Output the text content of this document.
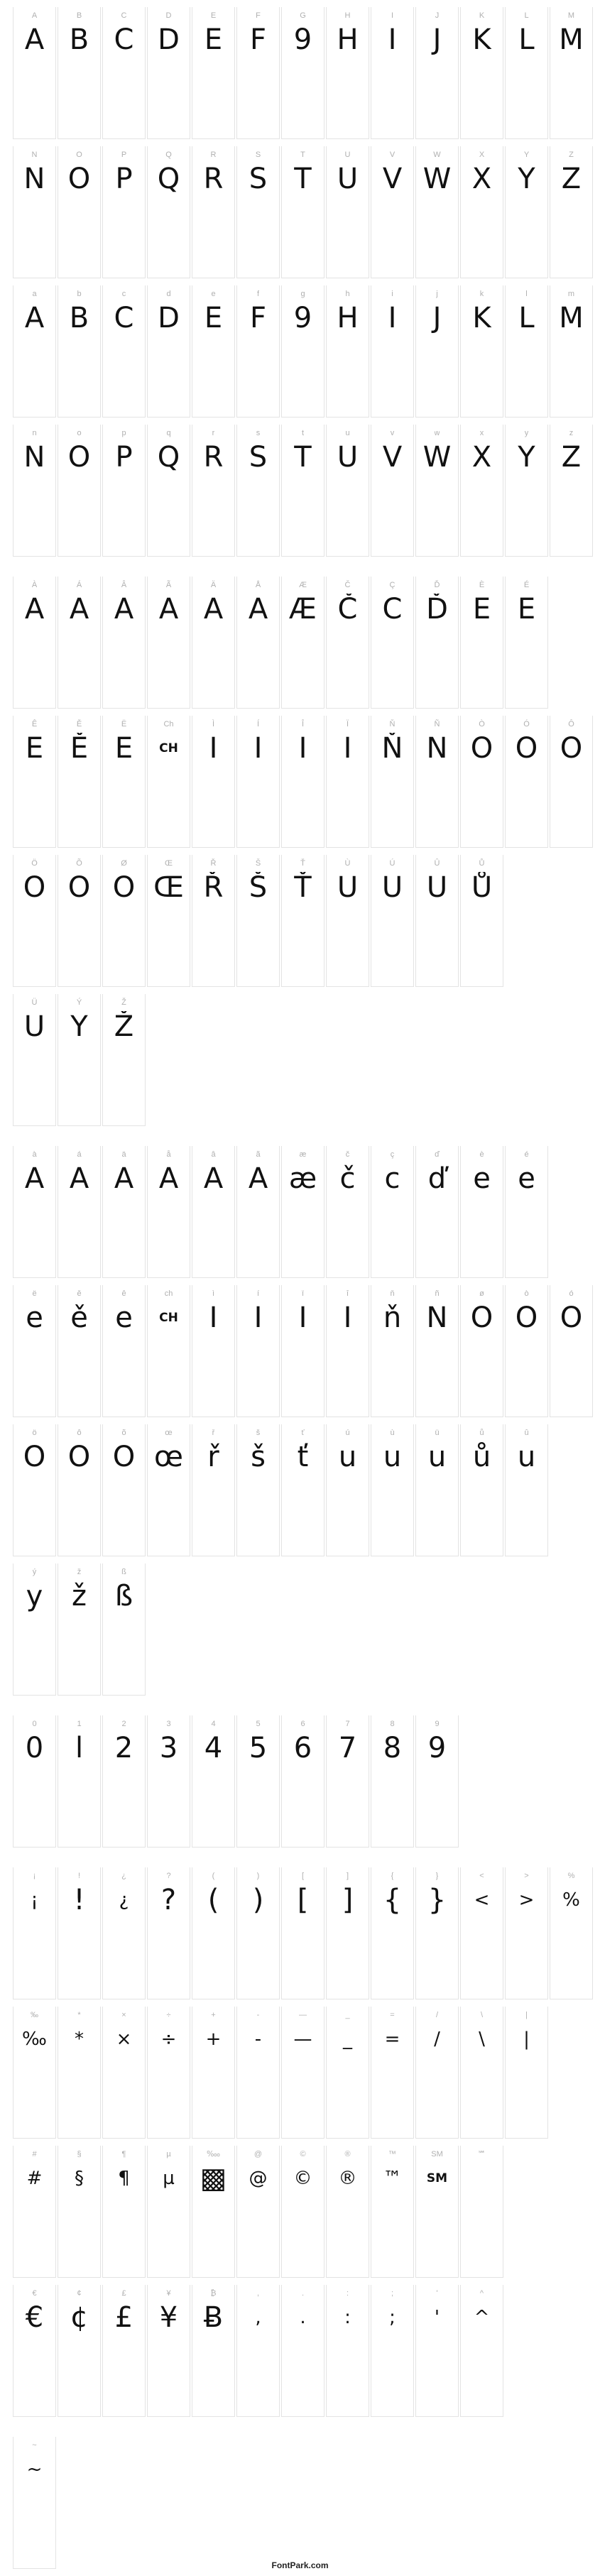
A
A
B
B
C
C
D
D
E
E
F
F
G
9
H
H
I
I
J
J
K
K
L
L
M
M
N
N
O
O
P
P
Q
Q
R
R
S
S
T
T
U
U
V
V
W
W
X
X
Y
Y
Z
Z
a
A
b
B
c
C
d
D
e
E
f
F
g
9
h
H
i
I
j
J
k
K
l
L
m
M
n
N
o
O
p
P
q
Q
r
R
s
S
t
T
u
U
v
V
w
W
x
X
y
Y
z
Z
À
A
Á
A
Â
A
Ã
A
Ä
A
Å
A
Æ
Æ
Č
Č
Ç
C
Ď
Ď
È
E
É
E
Ê
E
Ě
Ě
Ë
E
Ch
CH
Ì
I
Í
I
Î
I
Ï
I
Ň
Ň
Ñ
N
Ò
O
Ó
O
Ô
O
Ö
O
Õ
O
Ø
O
Œ
Œ
Ř
Ř
Š
Š
Ť
Ť
Ù
U
Ú
U
Û
U
Ů
Ů
Ü
U
Ý
Y
Ž
Ž
à
A
á
A
ä
A
å
A
â
A
ã
A
æ
æ
č
č
ç
c
ď
ď
è
e
é
e
ë
e
ě
ě
ê
e
ch
CH
ì
I
í
I
ï
I
î
I
ň
ň
ñ
N
ø
O
ò
O
ó
O
ö
O
ô
O
õ
O
œ
œ
ř
ř
š
š
ť
ť
ú
u
ù
u
ü
u
ů
ů
û
u
ý
y
ž
ž
ß
ß
0
0
1
l
2
2
3
3
4
4
5
5
6
6
7
7
8
8
9
9
¡
¡
!
!
¿
¿
?
?
(
(
)
)
[
[
]
]
{
{
}
}
<
<
>
>
%
%
‰
‰
*
*
×
×
÷
÷
+
+
-
-
—
—
_
_
=
=
/
/
\
\
|
|
#
#
§
§
¶
¶
µ
µ
‱
▩
@
@
©
©
®
®
™
™
SM
SM
℠
€
€
¢
¢
£
£
¥
¥
₿
Ƀ
,
,
.
.
:
:
;
;
'
'
^
^
~
~
FontPark.com
